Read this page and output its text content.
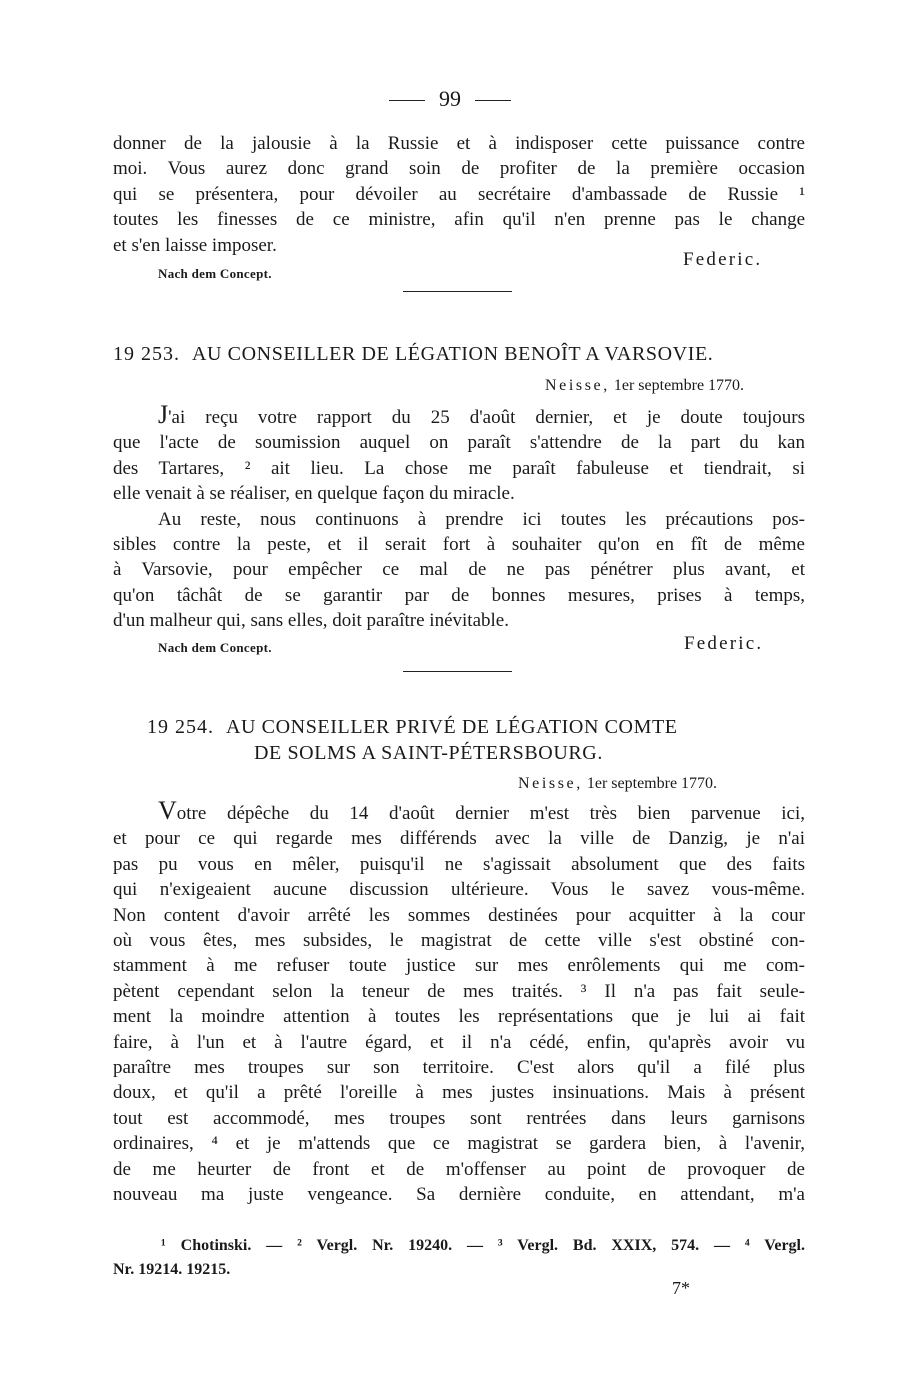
99
donner de la jalousie à la Russie et à indisposer cette puissance contre
moi. Vous aurez donc grand soin de profiter de la première occasion
qui se présentera, pour dévoiler au secrétaire d'ambassade de Russie ¹
toutes les finesses de ce ministre, afin qu'il n'en prenne pas le change
et s'en laisse imposer.
Federic.
Nach dem Concept.
19 253. AU CONSEILLER DE LÉGATION BENOÎT A VARSOVIE.
Neisse, 1er septembre 1770.
J'ai reçu votre rapport du 25 d'août dernier, et je doute toujours
que l'acte de soumission auquel on paraît s'attendre de la part du kan
des Tartares, ² ait lieu. La chose me paraît fabuleuse et tiendrait, si
elle venait à se réaliser, en quelque façon du miracle.
Au reste, nous continuons à prendre ici toutes les précautions pos-
sibles contre la peste, et il serait fort à souhaiter qu'on en fît de même
à Varsovie, pour empêcher ce mal de ne pas pénétrer plus avant, et
qu'on tâchât de se garantir par de bonnes mesures, prises à temps,
d'un malheur qui, sans elles, doit paraître inévitable.
Nach dem Concept.	Federic.
19 254. AU CONSEILLER PRIVÉ DE LÉGATION COMTE
DE SOLMS A SAINT-PÉTERSBOURG.
Neisse, 1er septembre 1770.
Votre dépêche du 14 d'août dernier m'est très bien parvenue ici,
et pour ce qui regarde mes différends avec la ville de Danzig, je n'ai
pas pu vous en mêler, puisqu'il ne s'agissait absolument que des faits
qui n'exigeaient aucune discussion ultérieure. Vous le savez vous-même.
Non content d'avoir arrêté les sommes destinées pour acquitter à la cour
où vous êtes, mes subsides, le magistrat de cette ville s'est obstiné con-
stamment à me refuser toute justice sur mes enrôlements qui me com-
pètent cependant selon la teneur de mes traités. ³ Il n'a pas fait seule-
ment la moindre attention à toutes les représentations que je lui ai fait
faire, à l'un et à l'autre égard, et il n'a cédé, enfin, qu'après avoir vu
paraître mes troupes sur son territoire. C'est alors qu'il a filé plus
doux, et qu'il a prêté l'oreille à mes justes insinuations. Mais à présent
tout est accommodé, mes troupes sont rentrées dans leurs garnisons
ordinaires, ⁴ et je m'attends que ce magistrat se gardera bien, à l'avenir,
de me heurter de front et de m'offenser au point de provoquer de
nouveau ma juste vengeance. Sa dernière conduite, en attendant, m'a
¹ Chotinski. — ² Vergl. Nr. 19240. — ³ Vergl. Bd. XXIX, 574. — ⁴ Vergl.
Nr. 19214. 19215.
7*
